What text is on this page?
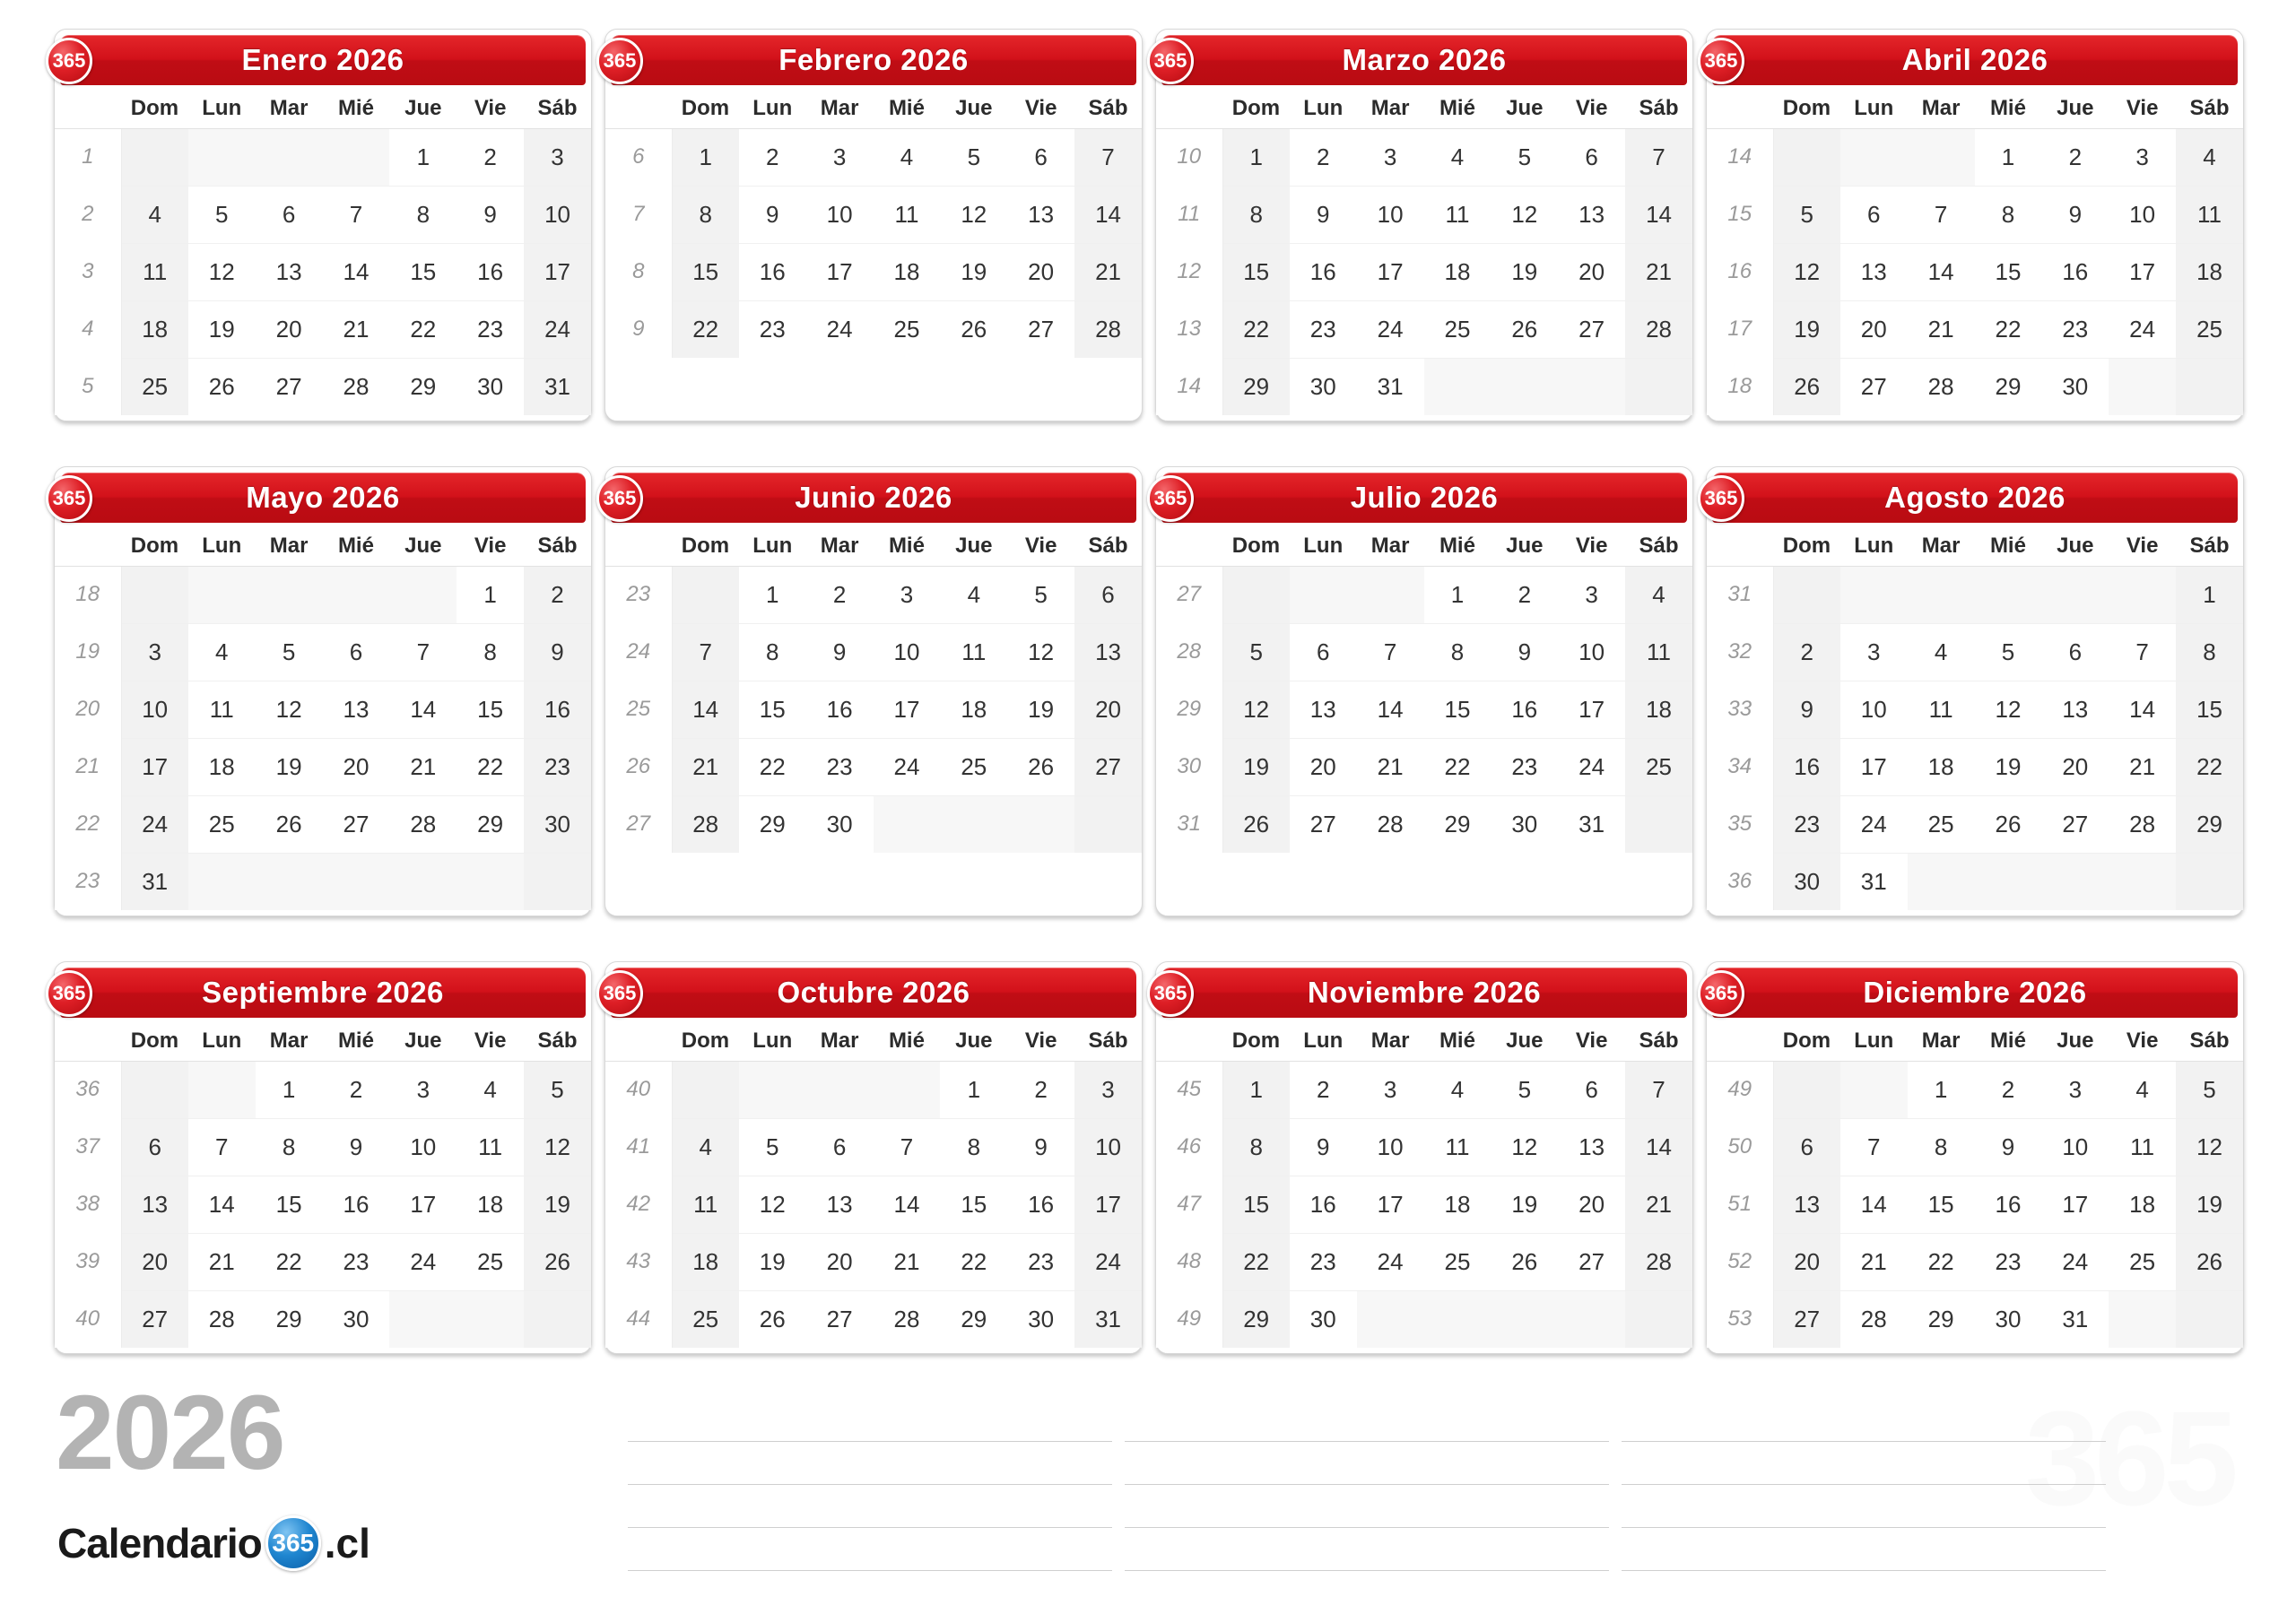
365	Enero 2026
	Dom	Lun	Mar	Mié	Jue	Vie	Sáb
1					1	2	3
2	4	5	6	7	8	9	10
3	11	12	13	14	15	16	17
4	18	19	20	21	22	23	24
5	25	26	27	28	29	30	31
365	Febrero 2026
	Dom	Lun	Mar	Mié	Jue	Vie	Sáb
6	1	2	3	4	5	6	7
7	8	9	10	11	12	13	14
8	15	16	17	18	19	20	21
9	22	23	24	25	26	27	28
365	Marzo 2026
	Dom	Lun	Mar	Mié	Jue	Vie	Sáb
10	1	2	3	4	5	6	7
11	8	9	10	11	12	13	14
12	15	16	17	18	19	20	21
13	22	23	24	25	26	27	28
14	29	30	31				
365	Abril 2026
	Dom	Lun	Mar	Mié	Jue	Vie	Sáb
14				1	2	3	4
15	5	6	7	8	9	10	11
16	12	13	14	15	16	17	18
17	19	20	21	22	23	24	25
18	26	27	28	29	30		
365	Mayo 2026
	Dom	Lun	Mar	Mié	Jue	Vie	Sáb
18						1	2
19	3	4	5	6	7	8	9
20	10	11	12	13	14	15	16
21	17	18	19	20	21	22	23
22	24	25	26	27	28	29	30
23	31						
365	Junio 2026
	Dom	Lun	Mar	Mié	Jue	Vie	Sáb
23		1	2	3	4	5	6
24	7	8	9	10	11	12	13
25	14	15	16	17	18	19	20
26	21	22	23	24	25	26	27
27	28	29	30				
365	Julio 2026
	Dom	Lun	Mar	Mié	Jue	Vie	Sáb
27				1	2	3	4
28	5	6	7	8	9	10	11
29	12	13	14	15	16	17	18
30	19	20	21	22	23	24	25
31	26	27	28	29	30	31	
365	Agosto 2026
	Dom	Lun	Mar	Mié	Jue	Vie	Sáb
31							1
32	2	3	4	5	6	7	8
33	9	10	11	12	13	14	15
34	16	17	18	19	20	21	22
35	23	24	25	26	27	28	29
36	30	31					
365	Septiembre 2026
	Dom	Lun	Mar	Mié	Jue	Vie	Sáb
36			1	2	3	4	5
37	6	7	8	9	10	11	12
38	13	14	15	16	17	18	19
39	20	21	22	23	24	25	26
40	27	28	29	30			
365	Octubre 2026
	Dom	Lun	Mar	Mié	Jue	Vie	Sáb
40					1	2	3
41	4	5	6	7	8	9	10
42	11	12	13	14	15	16	17
43	18	19	20	21	22	23	24
44	25	26	27	28	29	30	31
365	Noviembre 2026
	Dom	Lun	Mar	Mié	Jue	Vie	Sáb
45	1	2	3	4	5	6	7
46	8	9	10	11	12	13	14
47	15	16	17	18	19	20	21
48	22	23	24	25	26	27	28
49	29	30					
365	Diciembre 2026
	Dom	Lun	Mar	Mié	Jue	Vie	Sáb
49			1	2	3	4	5
50	6	7	8	9	10	11	12
51	13	14	15	16	17	18	19
52	20	21	22	23	24	25	26
53	27	28	29	30	31		
2026
Calendario 365 .cl
365
